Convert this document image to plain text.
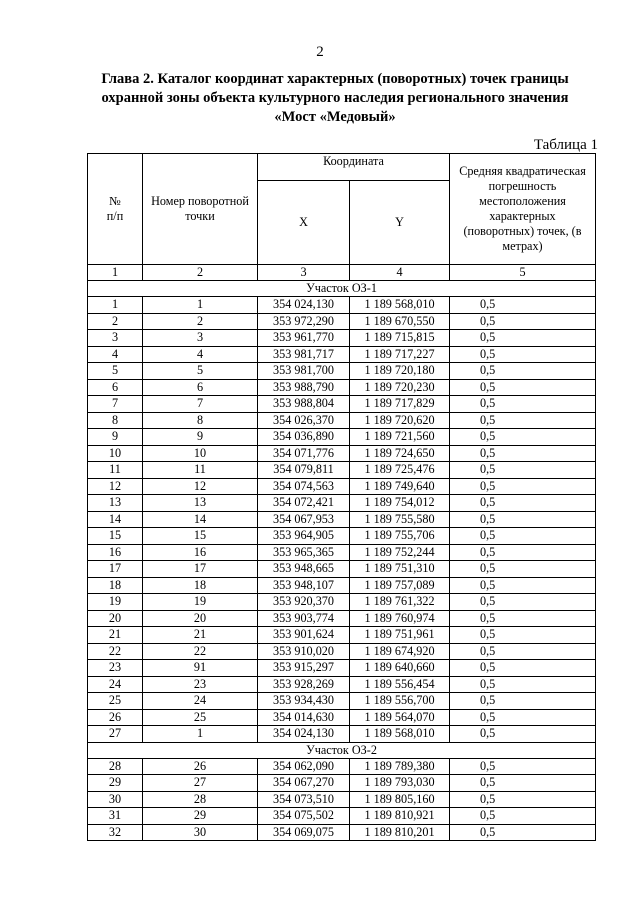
2
Глава 2. Каталог координат характерных (поворотных) точек границы
охранной зоны объекта культурного наследия регионального значения
«Мост «Медовый»
Таблица 1
№
п/п	Номер поворотной точки	Координата		Средняя квадратическая погрешность местоположения характерных (поворотных) точек, (в метрах)
		X	Y	
1	2	3	4	5
Участок ОЗ-1				
1	1	354 024,130	1 189 568,010	0,5
2	2	353 972,290	1 189 670,550	0,5
3	3	353 961,770	1 189 715,815	0,5
4	4	353 981,717	1 189 717,227	0,5
5	5	353 981,700	1 189 720,180	0,5
6	6	353 988,790	1 189 720,230	0,5
7	7	353 988,804	1 189 717,829	0,5
8	8	354 026,370	1 189 720,620	0,5
9	9	354 036,890	1 189 721,560	0,5
10	10	354 071,776	1 189 724,650	0,5
11	11	354 079,811	1 189 725,476	0,5
12	12	354 074,563	1 189 749,640	0,5
13	13	354 072,421	1 189 754,012	0,5
14	14	354 067,953	1 189 755,580	0,5
15	15	353 964,905	1 189 755,706	0,5
16	16	353 965,365	1 189 752,244	0,5
17	17	353 948,665	1 189 751,310	0,5
18	18	353 948,107	1 189 757,089	0,5
19	19	353 920,370	1 189 761,322	0,5
20	20	353 903,774	1 189 760,974	0,5
21	21	353 901,624	1 189 751,961	0,5
22	22	353 910,020	1 189 674,920	0,5
23	91	353 915,297	1 189 640,660	0,5
24	23	353 928,269	1 189 556,454	0,5
25	24	353 934,430	1 189 556,700	0,5
26	25	354 014,630	1 189 564,070	0,5
27	1	354 024,130	1 189 568,010	0,5
Участок ОЗ-2				
28	26	354 062,090	1 189 789,380	0,5
29	27	354 067,270	1 189 793,030	0,5
30	28	354 073,510	1 189 805,160	0,5
31	29	354 075,502	1 189 810,921	0,5
32	30	354 069,075	1 189 810,201	0,5
